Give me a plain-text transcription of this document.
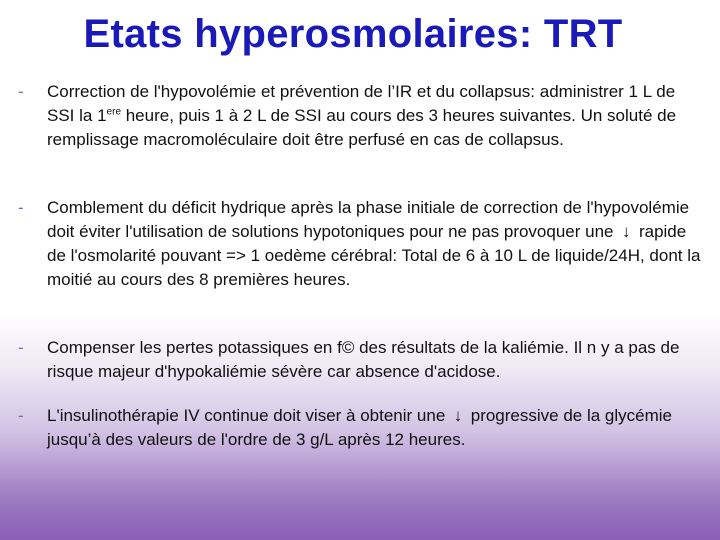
Etats hyperosmolaires: TRT
- Correction de l'hypovolémie et prévention de l’IR et du collapsus: administrer 1 L de SSI la 1ere heure, puis 1 à 2 L de SSI au cours des 3 heures suivantes. Un soluté de remplissage macromoléculaire doit être perfusé en cas de collapsus.

- Comblement du déficit hydrique après la phase initiale de correction de l'hypovolémie doit éviter l'utilisation de solutions hypotoniques pour ne pas provoquer une ↓ rapide de l'osmolarité pouvant => 1 oedème cérébral: Total de 6 à 10 L de liquide/24H, dont la moitié au cours des 8 premières heures.

- Compenser les pertes potassiques en f© des résultats de la kaliémie. Il n y a pas de risque majeur d'hypokaliémie sévère car absence d'acidose.

- L'insulinothérapie IV continue doit viser à obtenir une ↓ progressive de la glycémie jusqu’à des valeurs de l'ordre de 3 g/L après 12 heures.
